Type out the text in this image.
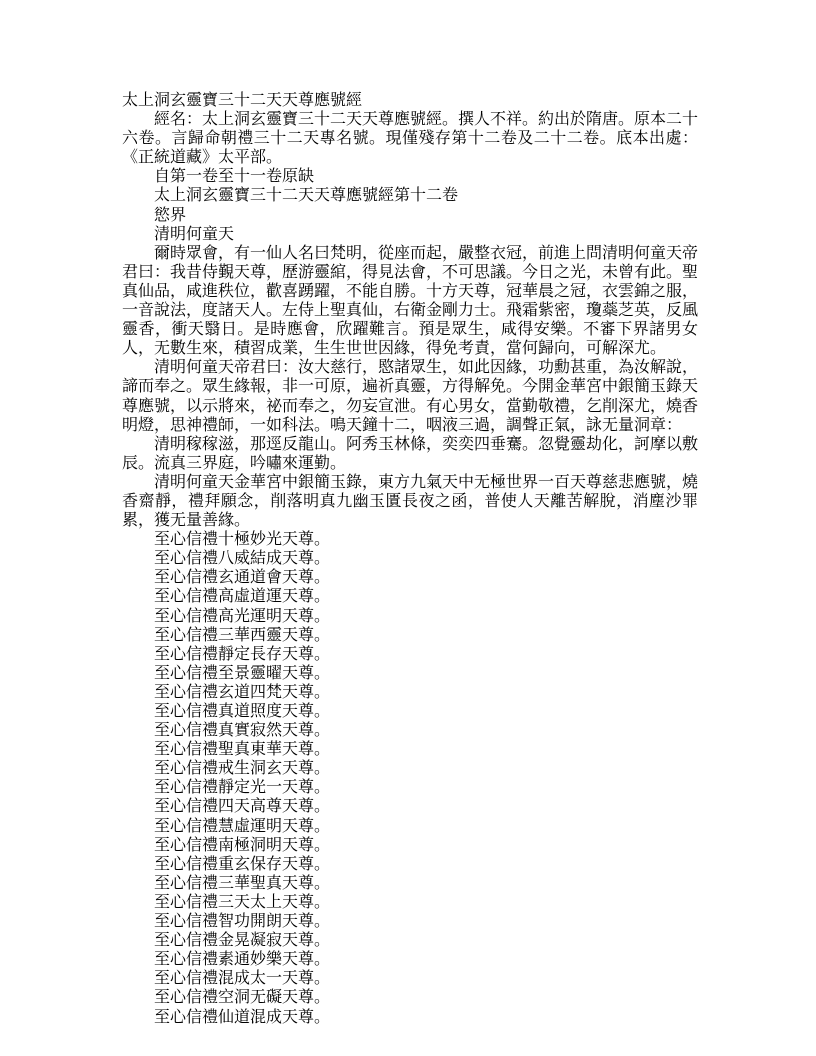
太上洞玄靈寶三十二天天尊應號經

經名：太上洞玄靈寶三十二天天尊應號經。撰人不祥。約出於隋唐。原本二十六卷。言歸命朝禮三十二天專名號。現僅殘存第十二卷及二十二卷。底本出處：《正統道藏》太平部。

自第一卷至十一卷原缺

太上洞玄靈寶三十二天天尊應號經第十二卷

慾界

清明何童天

爾時眾會，有一仙人名曰梵明，從座而起，嚴整衣冠，前進上問清明何童天帝君曰：我昔侍覲天尊，歷游靈綰，得見法會，不可思議。今日之光，未曾有此。聖真仙品，咸進秩位，歡喜踴躍，不能自勝。十方天尊，冠華晨之冠，衣雲錦之服，一音說法，度諸天人。左侍上聖真仙，右衛金剛力士。飛霜紫密，瓊蘂芝英，反風靈香，衝天翳日。是時應會，欣躍難言。預是眾生，咸得安樂。不審下界諸男女人，无數生來，積習成業，生生世世因緣，得免考責，當何歸向，可解深尤。

清明何童天帝君曰：汝大慈行，愍諸眾生，如此因緣，功勳甚重，為汝解說，諦而奉之。眾生緣報，非一可原，遍祈真靈，方得解免。今開金華宮中銀簡玉錄天尊應號，以示將來，祕而奉之，勿妄宣泄。有心男女，當勤敬禮，乞削深尤，燒香明燈，思神禮師，一如科法。鳴天鐘十二，咽液三過，調聲正氣，詠无量洞章：

清明稼稼滋，那逕反龍山。阿秀玉林條，奕奕四垂騫。忽覺靈劫化，訶摩以敷辰。流真三界庭，吟嘯來運勤。

清明何童天金華宮中銀簡玉錄，東方九氣天中无極世界一百天尊慈悲應號，燒香齋靜，禮拜願念，削落明真九幽玉匱長夜之函，普使人天離苦解脫，消塵沙罪累，獲无量善緣。

至心信禮十極妙光天尊。
至心信禮八威結成天尊。
至心信禮玄通道會天尊。
至心信禮高虛道運天尊。
至心信禮高光運明天尊。
至心信禮三華西靈天尊。
至心信禮靜定長存天尊。
至心信禮至景靈曜天尊。
至心信禮玄道四梵天尊。
至心信禮真道照度天尊。
至心信禮真實寂然天尊。
至心信禮聖真東華天尊。
至心信禮戒生洞玄天尊。
至心信禮靜定光一天尊。
至心信禮四天高尊天尊。
至心信禮慧虛運明天尊。
至心信禮南極洞明天尊。
至心信禮重玄保存天尊。
至心信禮三華聖真天尊。
至心信禮三天太上天尊。
至心信禮智功開朗天尊。
至心信禮金晃凝寂天尊。
至心信禮素通妙樂天尊。
至心信禮混成太一天尊。
至心信禮空洞无礙天尊。
至心信禮仙道混成天尊。
